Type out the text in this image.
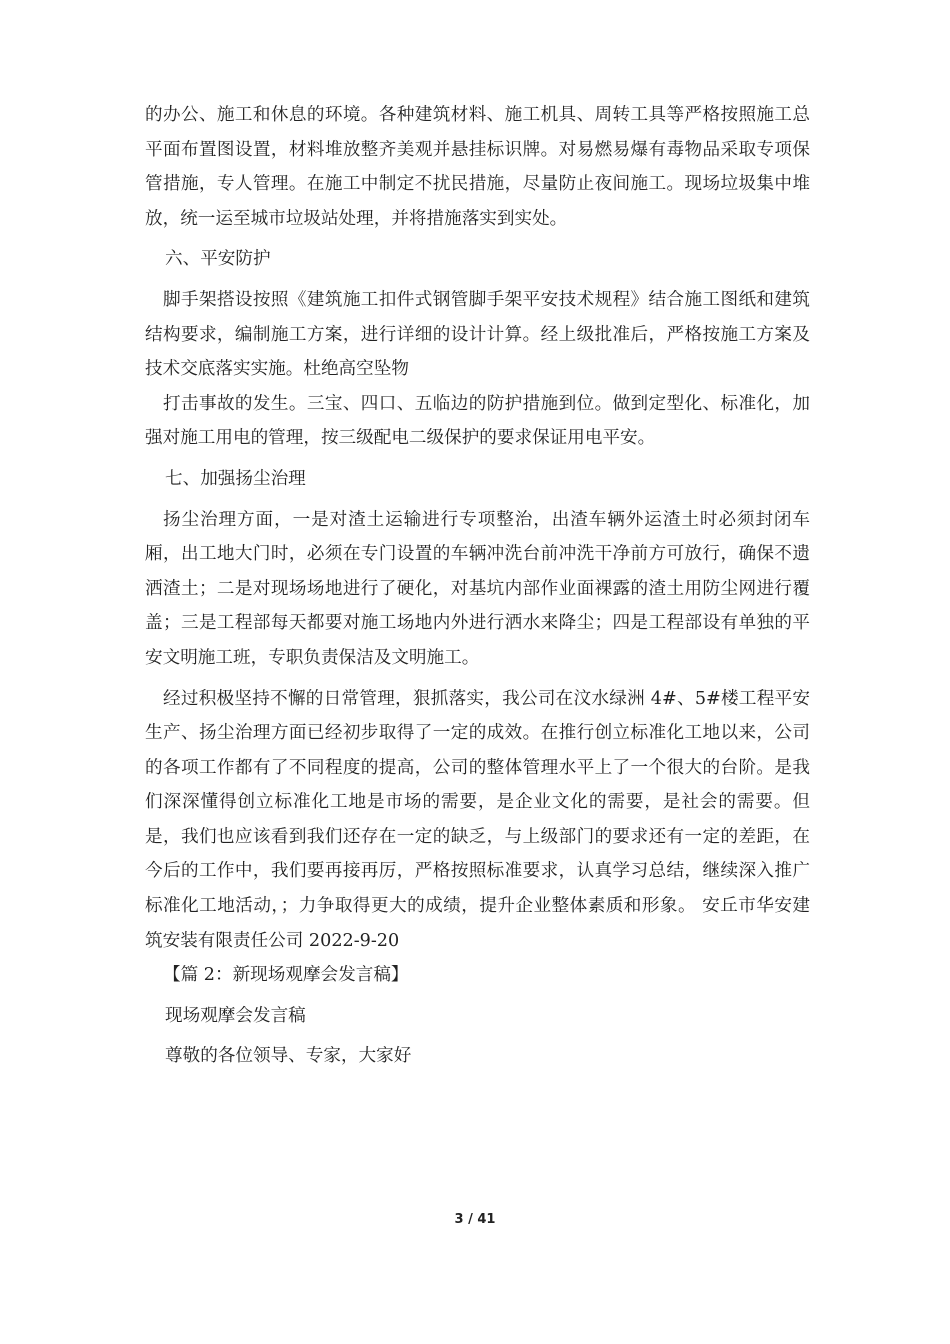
的办公、施工和休息的环境。各种建筑材料、施工机具、周转工具等严格按照施工总平面布置图设置，材料堆放整齐美观并悬挂标识牌。对易燃易爆有毒物品采取专项保管措施，专人管理。在施工中制定不扰民措施，尽量防止夜间施工。现场垃圾集中堆放，统一运至城市垃圾站处理，并将措施落实到实处。

六、平安防护

脚手架搭设按照《建筑施工扣件式钢管脚手架平安技术规程》结合施工图纸和建筑结构要求，编制施工方案，进行详细的设计计算。经上级批准后，严格按施工方案及技术交底落实实施。杜绝高空坠物

打击事故的发生。三宝、四口、五临边的防护措施到位。做到定型化、标准化，加强对施工用电的管理，按三级配电二级保护的要求保证用电平安。

七、加强扬尘治理

扬尘治理方面，一是对渣土运输进行专项整治，出渣车辆外运渣土时必须封闭车厢，出工地大门时，必须在专门设置的车辆冲洗台前冲洗干净前方可放行，确保不遗洒渣土；二是对现场场地进行了硬化，对基坑内部作业面裸露的渣土用防尘网进行覆盖；三是工程部每天都要对施工场地内外进行洒水来降尘；四是工程部设有单独的平安文明施工班，专职负责保洁及文明施工。

经过积极坚持不懈的日常管理，狠抓落实，我公司在汶水绿洲 4#、5#楼工程平安生产、扬尘治理方面已经初步取得了一定的成效。在推行创立标准化工地以来，公司的各项工作都有了不同程度的提高，公司的整体管理水平上了一个很大的台阶。是我们深深懂得创立标准化工地是市场的需要，是企业文化的需要，是社会的需要。但是，我们也应该看到我们还存在一定的缺乏，与上级部门的要求还有一定的差距，在今后的工作中，我们要再接再厉，严格按照标准要求，认真学习总结，继续深入推广标准化工地活动，；力争取得更大的成绩，提升企业整体素质和形象。 安丘市华安建筑安装有限责任公司 2022-9-20

【篇 2：新现场观摩会发言稿】

现场观摩会发言稿

尊敬的各位领导、专家，大家好

3 / 41
